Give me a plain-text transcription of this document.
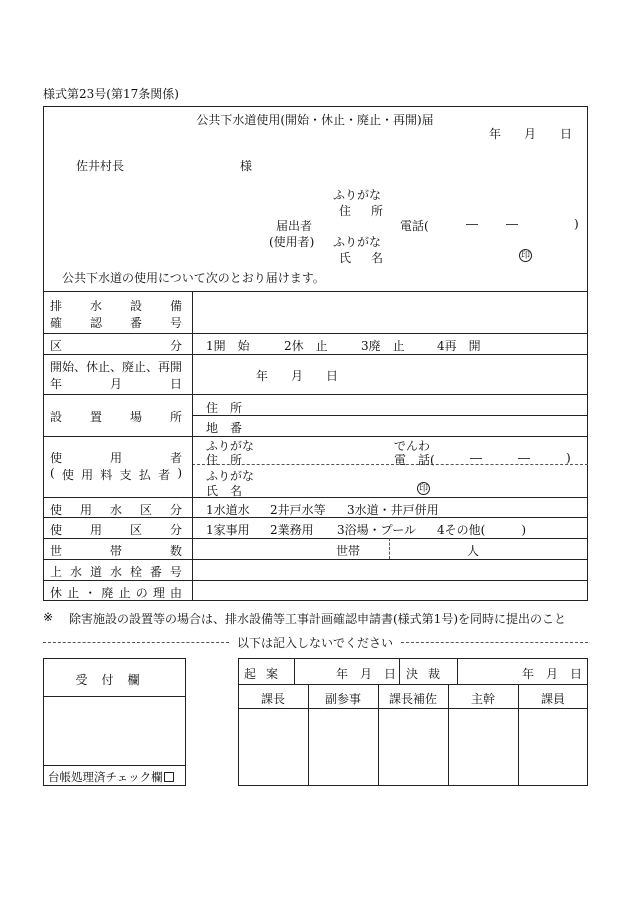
様式第23号(第17条関係)
公共下水道使用(開始・休止・廃止・再開)届
年 月 日
佐井村長	様
ふりがな
住　所
届出者
(使用者)
電話(	― ―	)
ふりがな
氏　名	印
公共下水道の使用について次のとおり届けます。
排 水 設 備
確 認 番 号
区	分 1開　始	2休　止	3廃　止	4再　開
開始、休止、廃止、再開
年	月	日
年 月 日
設 置 場 所
住　所
地　番
使	用	者
( 使 用 料 支 払 者 )
ふりがな
住　所
でんわ
電　話(	―	―	)
ふりがな
氏　名	印
使 用 水 区 分 1水道水 2井戸水等 3水道・井戸併用
使 用 区 分 1家事用 2業務用 3浴場・プール 4その他(　　　)
世	帯	数	世帯	人
上 水 道 水 栓 番 号
休 止 ・ 廃 止 の 理 由
※ 除害施設の設置等の場合は、排水設備等工事計画確認申請書(様式第1号)を同時に提出のこと
以下は記入しないでください
受付欄
台帳処理済チェック欄
起案	年　月　日 決裁	年　月　日
課長	副参事	課長補佐	主幹	課員
